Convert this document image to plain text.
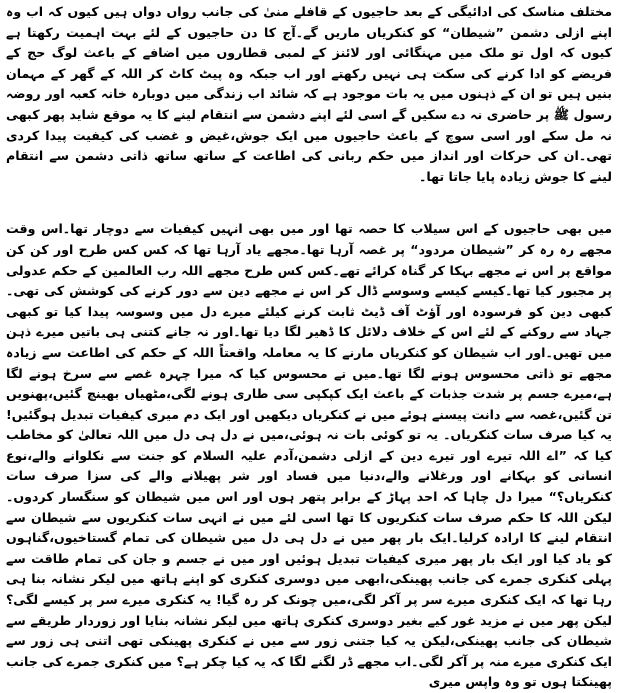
مختلف مناسک کی ادائیگی کے بعد حاجیوں کے قافلے منیٰ کی جانب رواں دواں ہیں کیوں کہ اب وہ اپنے ازلی دشمن ”شیطان“ کو کنکریاں ماریں گے۔آج کا دن حاجیوں کے لئے بہت اہمیت رکھتا ہے کیوں کہ اول تو ملک میں مہنگائی اور لائنز کے لمبی قطاروں میں اضافے کے باعث لوگ حج کے فریضے کو ادا کرنے کی سکت ہی نہیں رکھتے اور اب جبکہ وہ پیٹ کاٹ کر اللہ کے گھر کے مہمان بنیں ہیں تو ان کے ذہنوں میں یہ بات موجود ہے کہ شائد اب زندگی میں دوبارہ خانہ کعبہ اور روضہ رسول ﷺ پر حاضری نہ دے سکیں گے اسی لئے اپنے دشمن سے انتقام لینے کا یہ موقع شاید پھر کبھی نہ مل سکے اور اسی سوچ کے باعث حاجیوں میں ایک جوش،غیض و غضب کی کیفیت پیدا کردی تھی۔ان کی حرکات اور انداز میں حکم ربانی کی اطاعت کے ساتھ ساتھ ذاتی دشمن سے انتقام لینے کا جوش زیادہ پایا جاتا تھا۔

میں بھی حاجیوں کے اس سیلاب کا حصہ تھا اور میں بھی انہیں کیفیات سے دوچار تھا۔اس وقت مجھے رہ رہ کر ”شیطان مردود“ پر غصہ آرہا تھا۔مجھے یاد آرہا تھا کہ کس کس طرح اور کن کن مواقع پر اس نے مجھے بہکا کر گناہ کرائے تھے۔کس کس طرح مجھے اللہ رب العالمین کے حکم عدولی پر مجبور کیا تھا۔کیسے کیسے وسوسے ڈال کر اس نے مجھے دین سے دور کرنے کی کوشش کی تھی۔کبھی دین کو فرسودہ اور آؤٹ آف ڈیٹ ثابت کرنے کیلئے میرے دل میں وسوسہ پیدا کیا تو کبھی جہاد سے روکنے کے لئے اس کے خلاف دلائل کا ڈھیر لگا دیا تھا۔اور نہ جانے کتنی ہی باتیں میرے ذہن میں تھیں۔اور اب شیطان کو کنکریاں مارنے کا یہ معاملہ واقعتاً اللہ کے حکم کی اطاعت سے زیادہ مجھے تو ذاتی محسوس ہونے لگا تھا۔میں نے محسوس کیا کہ میرا چہرہ غصے سے سرخ ہونے لگا ہے،میرے جسم پر شدت جذبات کے باعث ایک کپکپی سی طاری ہونے لگی،مٹھیاں بھینچ گئیں،پھنویں تن گئیں،غصہ سے دانت پیسنے ہوئے میں نے کنکریاں دیکھیں اور ایک دم میری کیفیات تبدیل ہوگئیں! یہ کیا صرف سات کنکریاں۔ یہ تو کوئی بات نہ ہوئی،میں نے دل ہی دل میں اللہ تعالیٰ کو مخاطب کیا کہ ”اے اللہ تیرے اور تیرے دین کے ازلی دشمن،آدم علیہ السلام کو جنت سے نکلوانے والے،نوع انسانی کو بہکانے اور ورغلانے والے،دنیا میں فساد اور شر پھیلانے والے کی سزا صرف سات کنکریاں؟“ میرا دل چاہا کہ احد پہاڑ کے برابر پتھر ہوں اور اس میں شیطان کو سنگسار کردوں۔لیکن اللہ کا حکم صرف سات کنکریوں کا تھا اسی لئے میں نے انہی سات کنکریوں سے شیطان سے انتقام لینے کا ارادہ کرلیا۔ایک بار پھر میں نے دل ہی دل میں شیطان کی تمام گستاخیوں،گناہوں کو یاد کیا اور ایک بار پھر میری کیفیات تبدیل ہوئیں اور میں نے جسم و جان کی تمام طاقت سے پہلی کنکری جمرے کی جانب پھینکی،ابھی میں دوسری کنکری کو اپنے ہاتھ میں لیکر نشانہ بنا ہی رہا تھا کہ ایک کنکری میرے سر پر آکر لگی،میں چونک کر رہ گیا! یہ کنکری میرے سر پر کیسے لگی؟ لیکن پھر میں نے مزید غور کیے بغیر دوسری کنکری ہاتھ میں لیکر نشانہ بنایا اور زوردار طریقے سے شیطان کی جانب پھینکی،لیکن یہ کیا جتنی زور سے میں نے کنکری پھینکی تھی اتنی ہی زور سے ایک کنکری میرے منہ پر آکر لگی۔اب مجھے ڈر لگنے لگا کہ یہ کیا چکر ہے؟ میں کنکری جمرے کی جانب پھینکتا ہوں تو وہ واپس میری
